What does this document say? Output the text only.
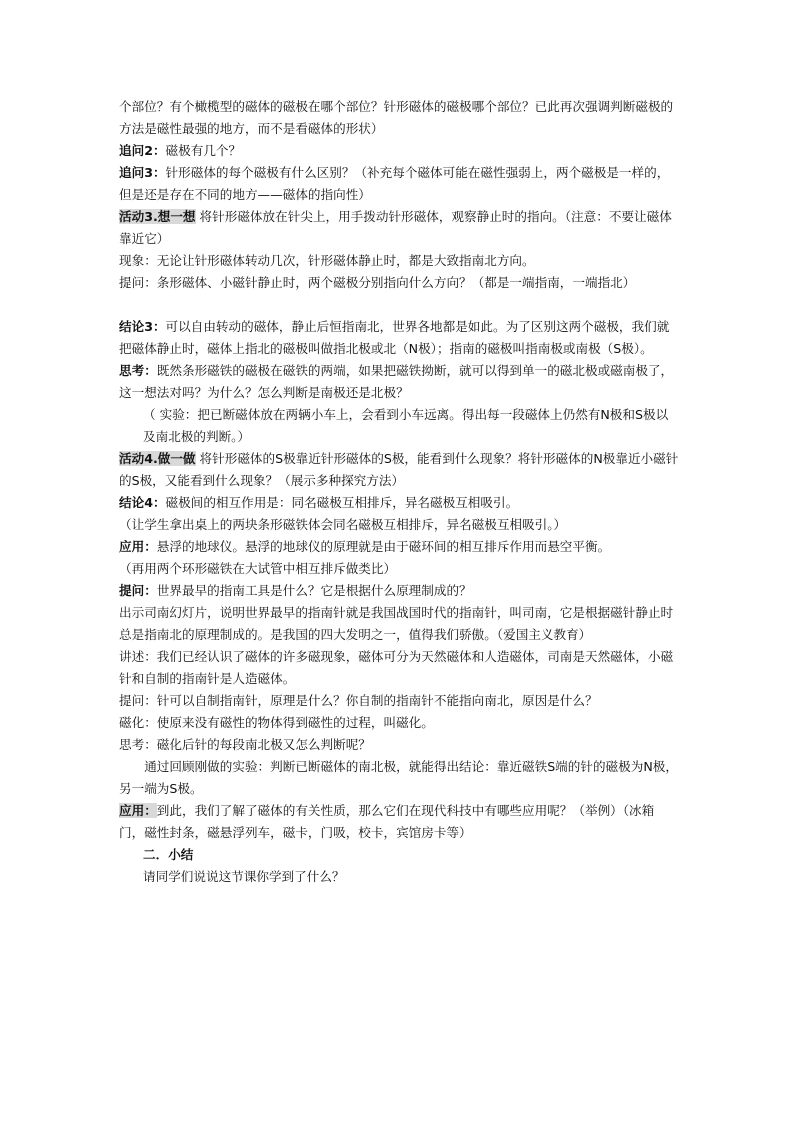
个部位？有个橄榄型的磁体的磁极在哪个部位？针形磁体的磁极哪个部位？已此再次强调判断磁极的方法是磁性最强的地方，而不是看磁体的形状）

追问2：磁极有几个？

追问3：针形磁体的每个磁极有什么区别？（补充每个磁体可能在磁性强弱上，两个磁极是一样的，但是还是存在不同的地方——磁体的指向性）

活动3.想一想 将针形磁体放在针尖上，用手拨动针形磁体，观察静止时的指向。（注意：不要让磁体靠近它）

现象：无论让针形磁体转动几次，针形磁体静止时，都是大致指南北方向。

提问：条形磁体、小磁针静止时，两个磁极分别指向什么方向？（都是一端指南，一端指北）

结论3：可以自由转动的磁体，静止后恒指南北，世界各地都是如此。为了区别这两个磁极，我们就把磁体静止时，磁体上指北的磁极叫做指北极或北（N极）；指南的磁极叫指南极或南极（S极）。

思考：既然条形磁铁的磁极在磁铁的两端，如果把磁铁拗断，就可以得到单一的磁北极或磁南极了，这一想法对吗？为什么？怎么判断是南极还是北极？

（ 实验：把已断磁体放在两辆小车上，会看到小车远离。得出每一段磁体上仍然有N极和S极以及南北极的判断。）

活动4.做一做 将针形磁体的S极靠近针形磁体的S极，能看到什么现象？将针形磁体的N极靠近小磁针的S极，又能看到什么现象？（展示多种探究方法）

结论4：磁极间的相互作用是：同名磁极互相排斥，异名磁极互相吸引。

（让学生拿出桌上的两块条形磁铁体会同名磁极互相排斥，异名磁极互相吸引。）

应用：悬浮的地球仪。悬浮的地球仪的原理就是由于磁环间的相互排斥作用而悬空平衡。

（再用两个环形磁铁在大试管中相互排斥做类比）

提问：世界最早的指南工具是什么？它是根据什么原理制成的？

出示司南幻灯片，说明世界最早的指南针就是我国战国时代的指南针，叫司南，它是根据磁针静止时总是指南北的原理制成的。是我国的四大发明之一，值得我们骄傲。（爱国主义教育）

讲述：我们已经认识了磁体的许多磁现象，磁体可分为天然磁体和人造磁体，司南是天然磁体，小磁针和自制的指南针是人造磁体。

提问：针可以自制指南针，原理是什么？你自制的指南针不能指向南北，原因是什么？

磁化：使原来没有磁性的物体得到磁性的过程，叫磁化。

思考：磁化后针的每段南北极又怎么判断呢？

通过回顾刚做的实验：判断已断磁体的南北极，就能得出结论：靠近磁铁S端的针的磁极为N极，另一端为S极。

应用：到此，我们了解了磁体的有关性质，那么它们在现代科技中有哪些应用呢？（举例）（冰箱门，磁性封条，磁悬浮列车，磁卡，门吸，校卡，宾馆房卡等）

二．小结

请同学们说说这节课你学到了什么？
